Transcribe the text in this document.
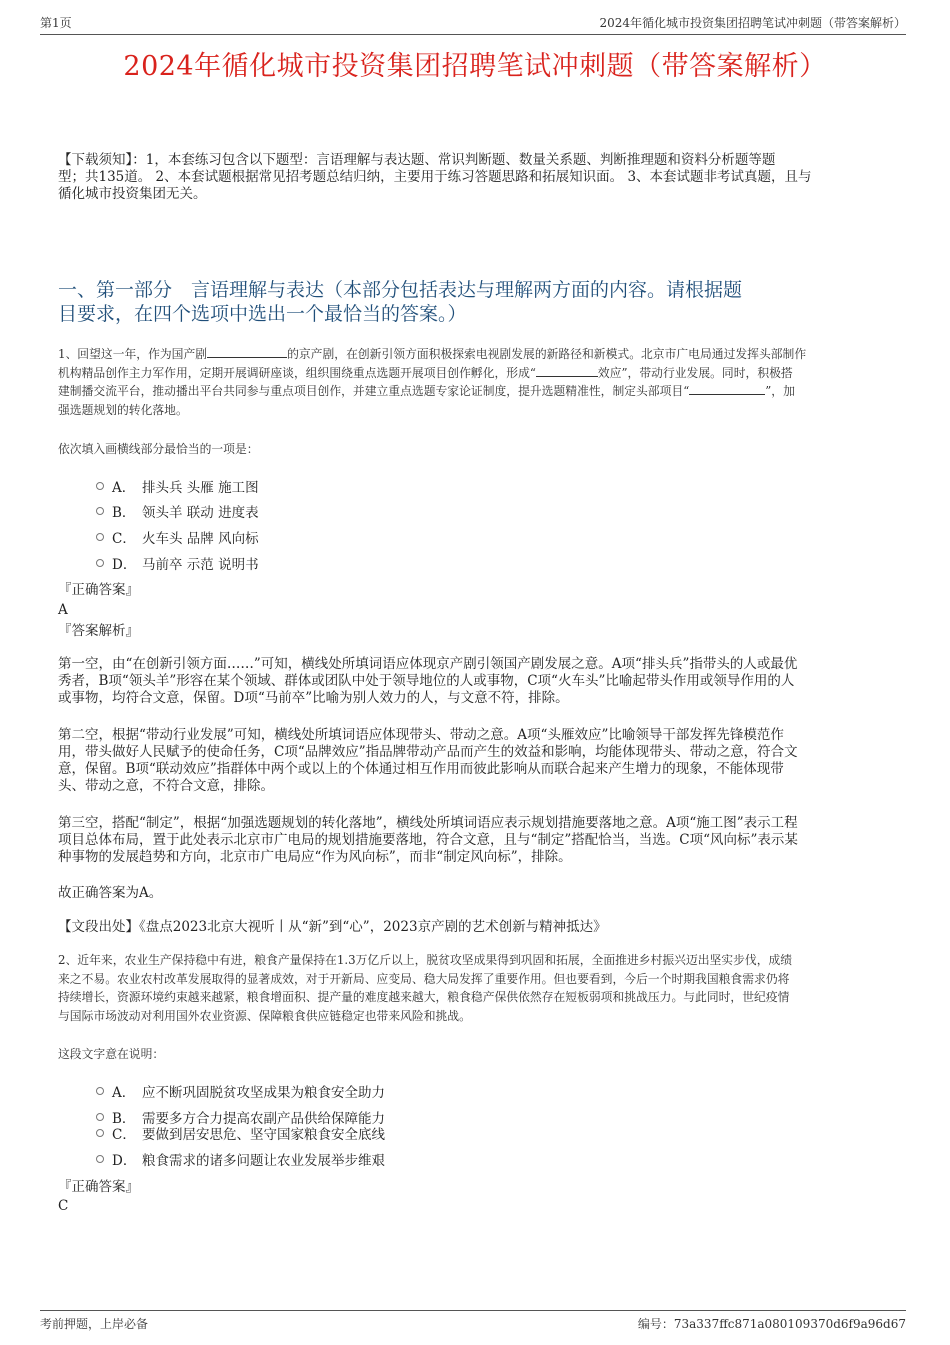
第1页	2024年循化城市投资集团招聘笔试冲刺题（带答案解析）
2024年循化城市投资集团招聘笔试冲刺题（带答案解析）
【下载须知】：1，本套练习包含以下题型：言语理解与表达题、常识判断题、数量关系题、判断推理题和资料分析题等题
型；共135道。 2、本套试题根据常见招考题总结归纳，主要用于练习答题思路和拓展知识面。 3、本套试题非考试真题，且与
循化城市投资集团无关。
一、第一部分　言语理解与表达（本部分包括表达与理解两方面的内容。请根据题
目要求，在四个选项中选出一个最恰当的答案。）
1、回望这一年，作为国产剧	的京产剧，在创新引领方面积极探索电视剧发展的新路径和新模式。北京市广电局通过发挥头部制作
机构精品创作主力军作用，定期开展调研座谈，组织围绕重点选题开展项目创作孵化，形成“	效应”，带动行业发展。同时，积极搭
建制播交流平台，推动播出平台共同参与重点项目创作，并建立重点选题专家论证制度，提升选题精准性，制定头部项目“	”，加
强选题规划的转化落地。
依次填入画横线部分最恰当的一项是：
A． 排头兵 头雁 施工图
B． 领头羊 联动 进度表
C． 火车头 品牌 风向标
D． 马前卒 示范 说明书
『正确答案』
A
『答案解析』
第一空，由“在创新引领方面……”可知，横线处所填词语应体现京产剧引领国产剧发展之意。A项“排头兵”指带头的人或最优
秀者，B项“领头羊”形容在某个领域、群体或团队中处于领导地位的人或事物，C项“火车头”比喻起带头作用或领导作用的人
或事物，均符合文意，保留。D项“马前卒”比喻为别人效力的人，与文意不符，排除。
第二空，根据“带动行业发展”可知，横线处所填词语应体现带头、带动之意。A项“头雁效应”比喻领导干部发挥先锋模范作
用，带头做好人民赋予的使命任务，C项“品牌效应”指品牌带动产品而产生的效益和影响，均能体现带头、带动之意，符合文
意，保留。B项“联动效应”指群体中两个或以上的个体通过相互作用而彼此影响从而联合起来产生增力的现象，不能体现带
头、带动之意，不符合文意，排除。
第三空，搭配“制定”，根据“加强选题规划的转化落地”，横线处所填词语应表示规划措施要落地之意。A项“施工图”表示工程
项目总体布局，置于此处表示北京市广电局的规划措施要落地，符合文意，且与“制定”搭配恰当，当选。C项“风向标”表示某
种事物的发展趋势和方向，北京市广电局应“作为风向标”，而非“制定风向标”，排除。
故正确答案为A。
【文段出处】《盘点2023北京大视听丨从“新”到“心”，2023京产剧的艺术创新与精神抵达》
2、近年来，农业生产保持稳中有进，粮食产量保持在1.3万亿斤以上，脱贫攻坚成果得到巩固和拓展，全面推进乡村振兴迈出坚实步伐，成绩
来之不易。农业农村改革发展取得的显著成效，对于开新局、应变局、稳大局发挥了重要作用。但也要看到，今后一个时期我国粮食需求仍将
持续增长，资源环境约束越来越紧，粮食增面积、提产量的难度越来越大，粮食稳产保供依然存在短板弱项和挑战压力。与此同时，世纪疫情
与国际市场波动对利用国外农业资源、保障粮食供应链稳定也带来风险和挑战。
这段文字意在说明：
A． 应不断巩固脱贫攻坚成果为粮食安全助力
B． 需要多方合力提高农副产品供给保障能力
C． 要做到居安思危、坚守国家粮食安全底线
D． 粮食需求的诸多问题让农业发展举步维艰
『正确答案』
C
考前押题，上岸必备	编号：73a337ffc871a080109370d6f9a96d67
